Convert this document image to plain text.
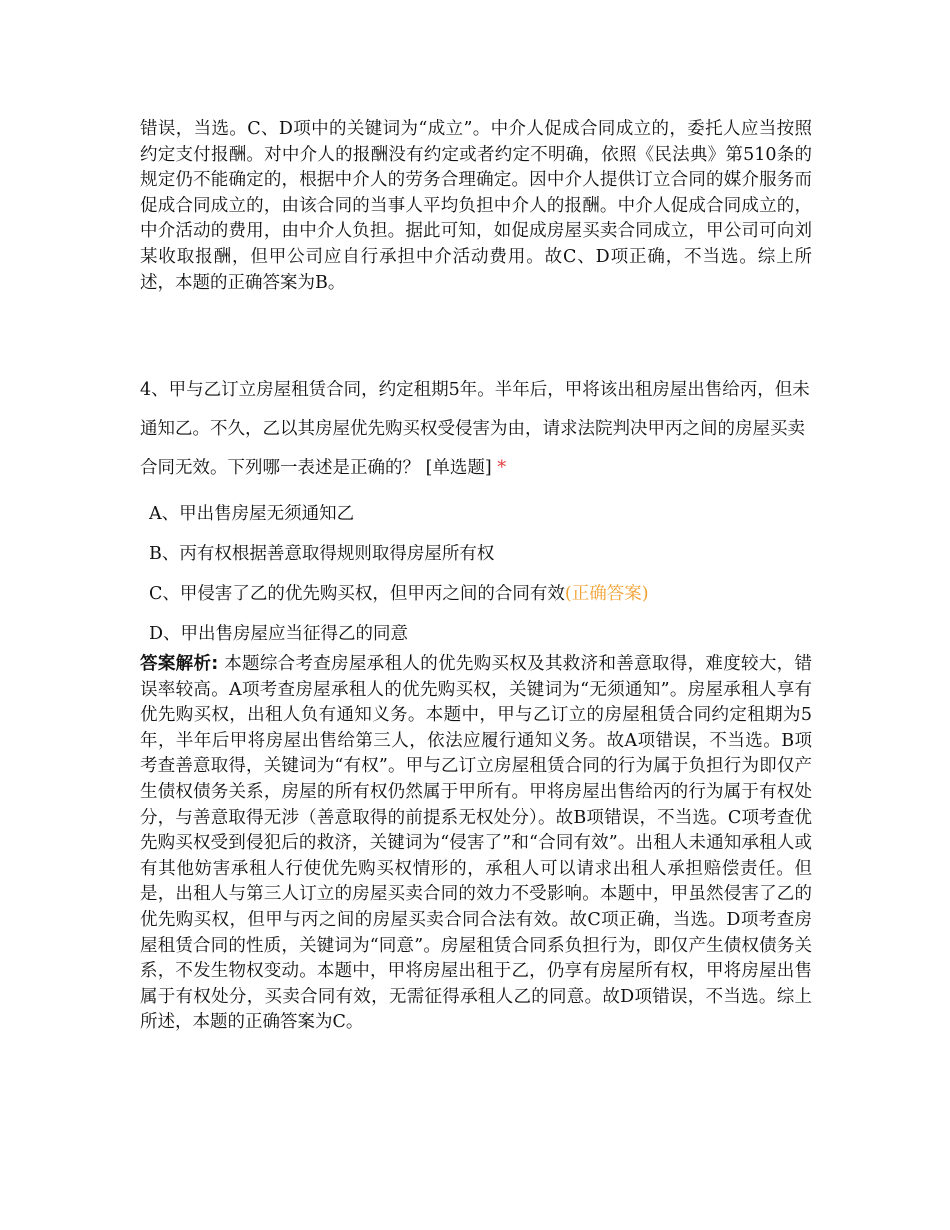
错误，当选。C、D项中的关键词为“成立”。中介人促成合同成立的，委托人应当按照约定支付报酬。对中介人的报酬没有约定或者约定不明确，依照《民法典》第510条的规定仍不能确定的，根据中介人的劳务合理确定。因中介人提供订立合同的媒介服务而促成合同成立的，由该合同的当事人平均负担中介人的报酬。中介人促成合同成立的，中介活动的费用，由中介人负担。据此可知，如促成房屋买卖合同成立，甲公司可向刘某收取报酬，但甲公司应自行承担中介活动费用。故C、D项正确，不当选。综上所述，本题的正确答案为B。

4、甲与乙订立房屋租赁合同，约定租期5年。半年后，甲将该出租房屋出售给丙，但未通知乙。不久，乙以其房屋优先购买权受侵害为由，请求法院判决甲丙之间的房屋买卖合同无效。下列哪一表述是正确的？ [单选题] *

A、甲出售房屋无须通知乙
B、丙有权根据善意取得规则取得房屋所有权
C、甲侵害了乙的优先购买权，但甲丙之间的合同有效(正确答案)
D、甲出售房屋应当征得乙的同意
答案解析: 本题综合考查房屋承租人的优先购买权及其救济和善意取得，难度较大，错误率较高。A项考查房屋承租人的优先购买权，关键词为“无须通知”。房屋承租人享有优先购买权，出租人负有通知义务。本题中，甲与乙订立的房屋租赁合同约定租期为5年，半年后甲将房屋出售给第三人，依法应履行通知义务。故A项错误，不当选。B项考查善意取得，关键词为“有权”。甲与乙订立房屋租赁合同的行为属于负担行为即仅产生债权债务关系，房屋的所有权仍然属于甲所有。甲将房屋出售给丙的行为属于有权处分，与善意取得无涉（善意取得的前提系无权处分）。故B项错误，不当选。C项考查优先购买权受到侵犯后的救济，关键词为“侵害了”和“合同有效”。出租人未通知承租人或有其他妨害承租人行使优先购买权情形的，承租人可以请求出租人承担赔偿责任。但是，出租人与第三人订立的房屋买卖合同的效力不受影响。本题中，甲虽然侵害了乙的优先购买权，但甲与丙之间的房屋买卖合同合法有效。故C项正确，当选。D项考查房屋租赁合同的性质，关键词为“同意”。房屋租赁合同系负担行为，即仅产生债权债务关系，不发生物权变动。本题中，甲将房屋出租于乙，仍享有房屋所有权，甲将房屋出售属于有权处分，买卖合同有效，无需征得承租人乙的同意。故D项错误，不当选。综上所述，本题的正确答案为C。
